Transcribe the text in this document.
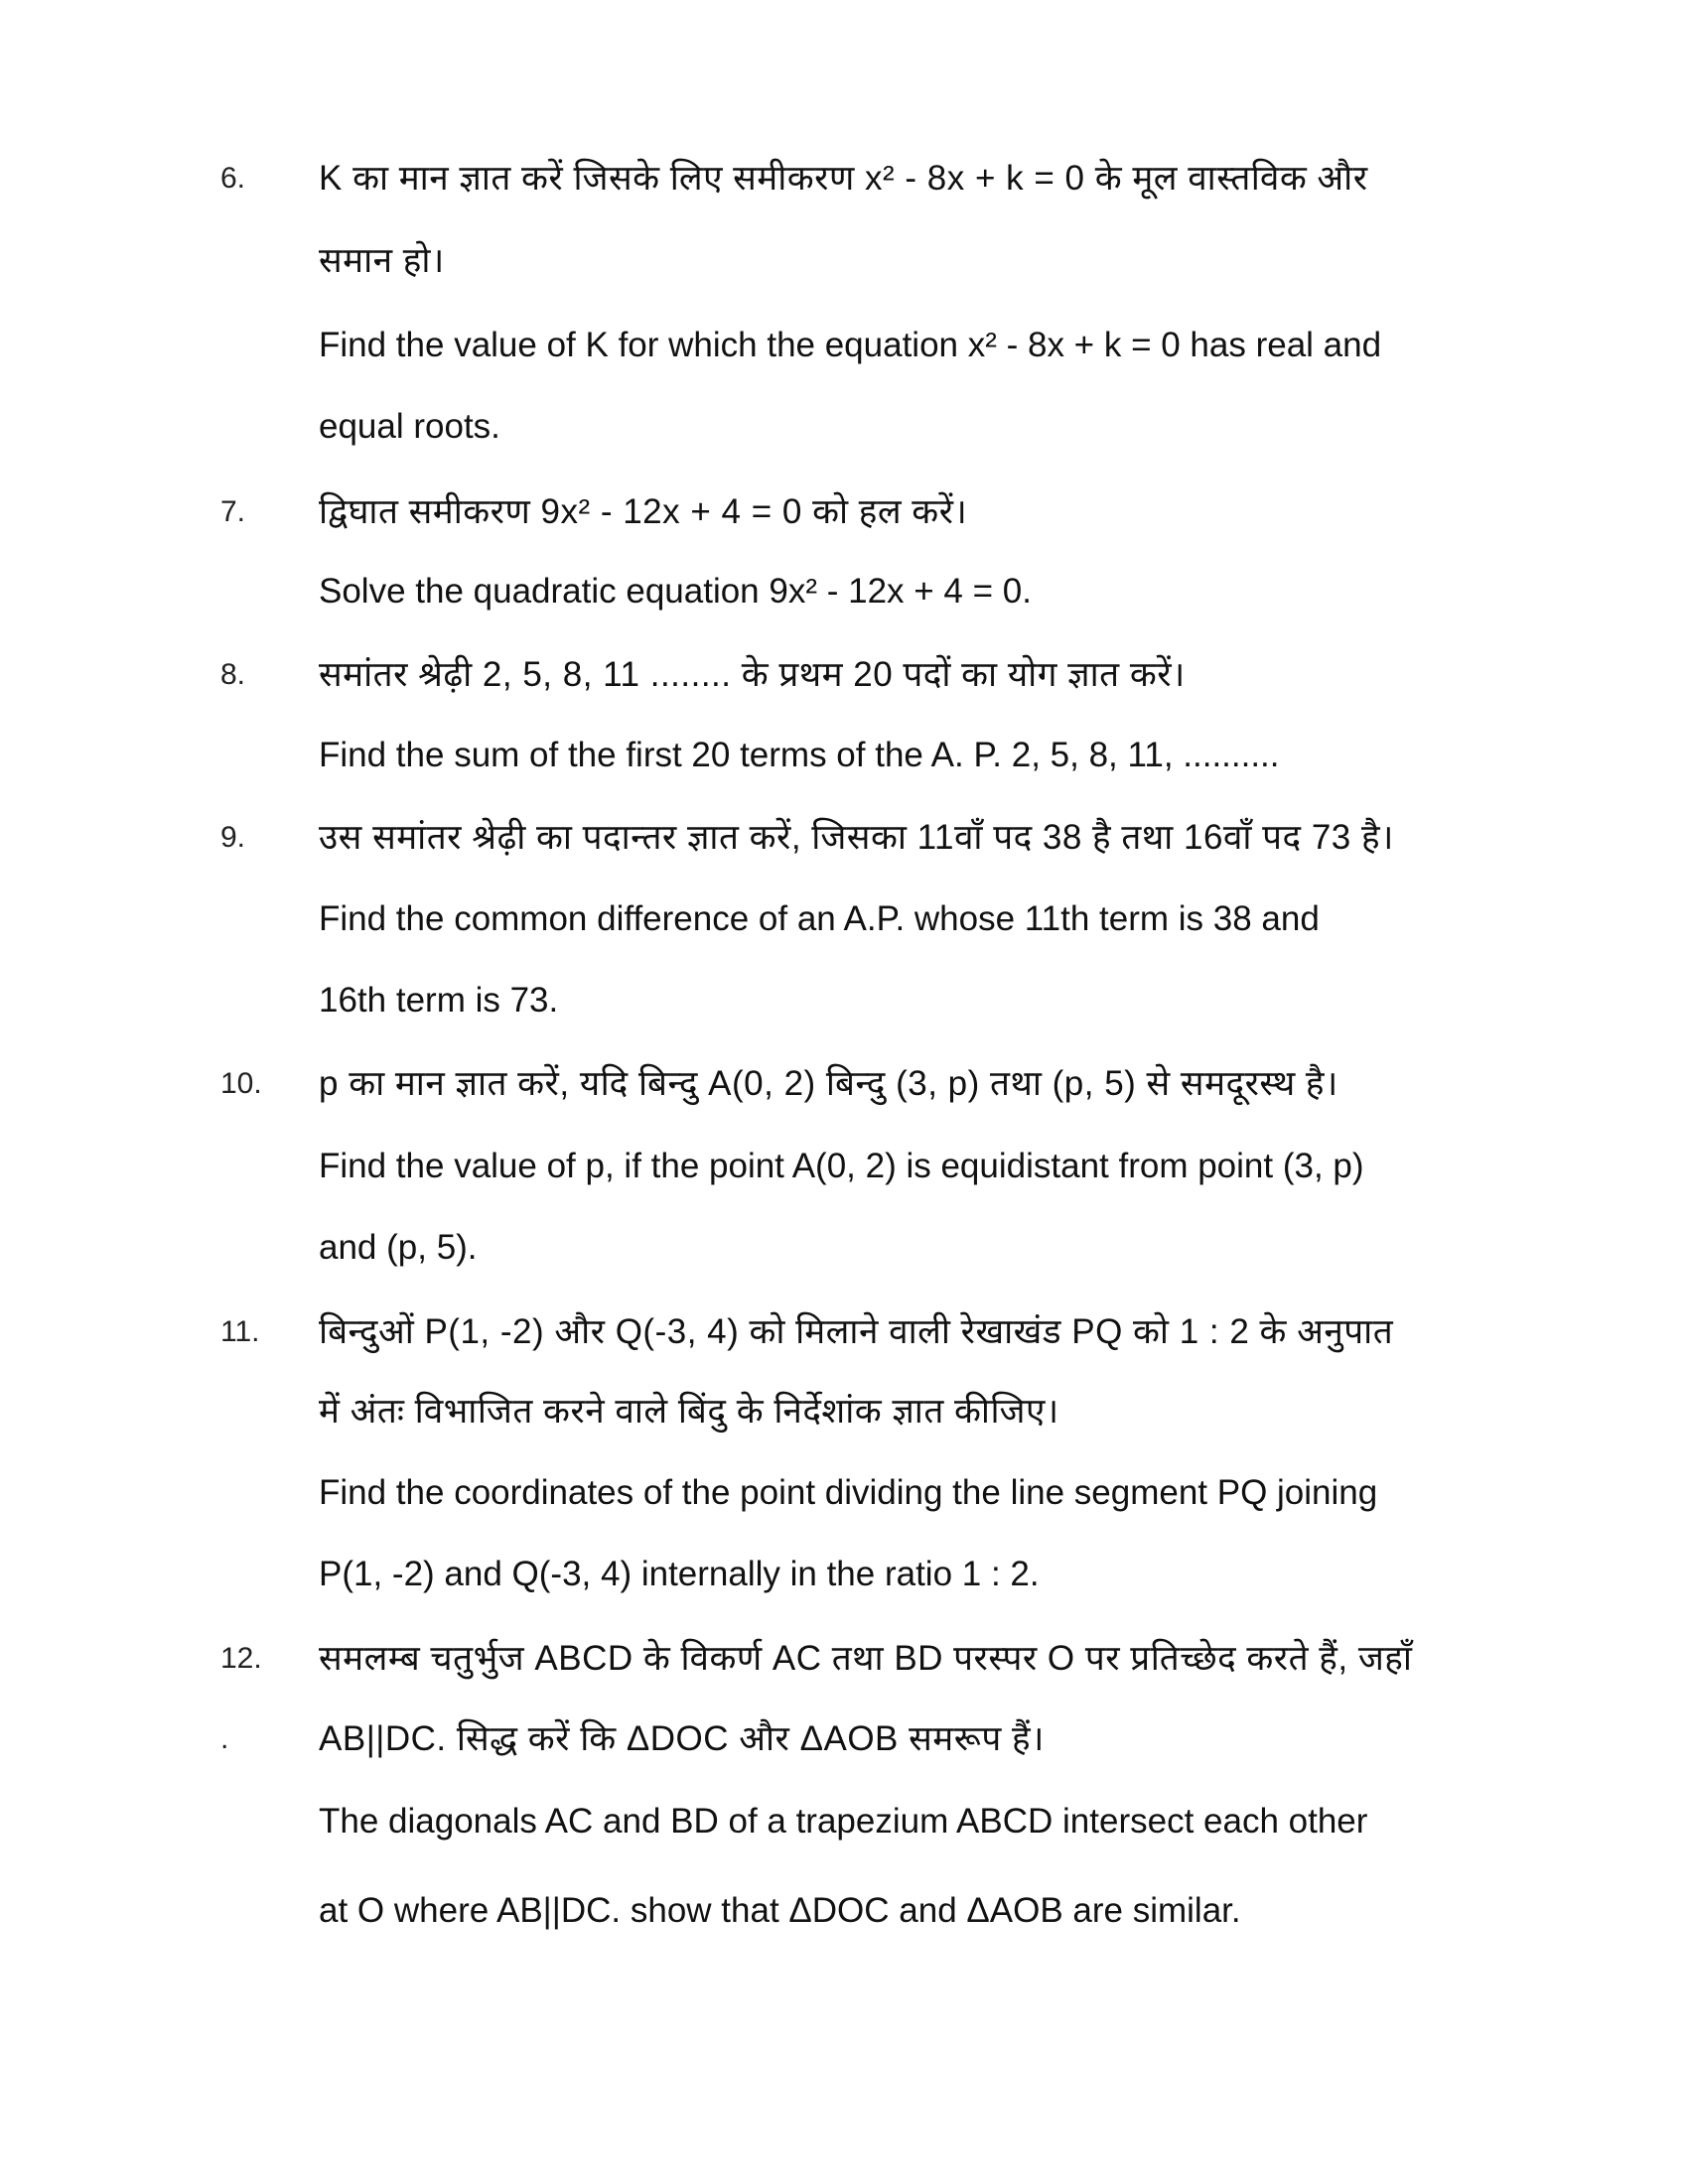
6. K का मान ज्ञात करें जिसके लिए समीकरण x² - 8x + k = 0 के मूल वास्तविक और
समान हो।
Find the value of K for which the equation x² - 8x + k = 0 has real and
equal roots.
7. द्विघात समीकरण 9x² - 12x + 4 = 0 को हल करें।
Solve the quadratic equation 9x² - 12x + 4 = 0.
8. समांतर श्रेढ़ी 2, 5, 8, 11 ........ के प्रथम 20 पदों का योग ज्ञात करें।
Find the sum of the first 20 terms of the A. P. 2, 5, 8, 11, ..........
9. उस समांतर श्रेढ़ी का पदान्तर ज्ञात करें, जिसका 11वाँ पद 38 है तथा 16वाँ पद 73 है।
Find the common difference of an A.P. whose 11th term is 38 and
16th term is 73.
10. p का मान ज्ञात करें, यदि बिन्दु A(0, 2) बिन्दु (3, p) तथा (p, 5) से समदूरस्थ है।
Find the value of p, if the point A(0, 2) is equidistant from point (3, p)
and (p, 5).
11. बिन्दुओं P(1, -2) और Q(-3, 4) को मिलाने वाली रेखाखंड PQ को 1 : 2 के अनुपात
में अंतः विभाजित करने वाले बिंदु के निर्देशांक ज्ञात कीजिए।
Find the coordinates of the point dividing the line segment PQ joining
P(1, -2) and Q(-3, 4) internally in the ratio 1 : 2.
12. समलम्ब चतुर्भुज ABCD के विकर्ण AC तथा BD परस्पर O पर प्रतिच्छेद करते हैं, जहाँ
.	AB||DC. सिद्ध करें कि ΔDOC और ΔAOB समरूप हैं।
The diagonals AC and BD of a trapezium ABCD intersect each other
at O where AB||DC. show that ΔDOC and ΔAOB are similar.
